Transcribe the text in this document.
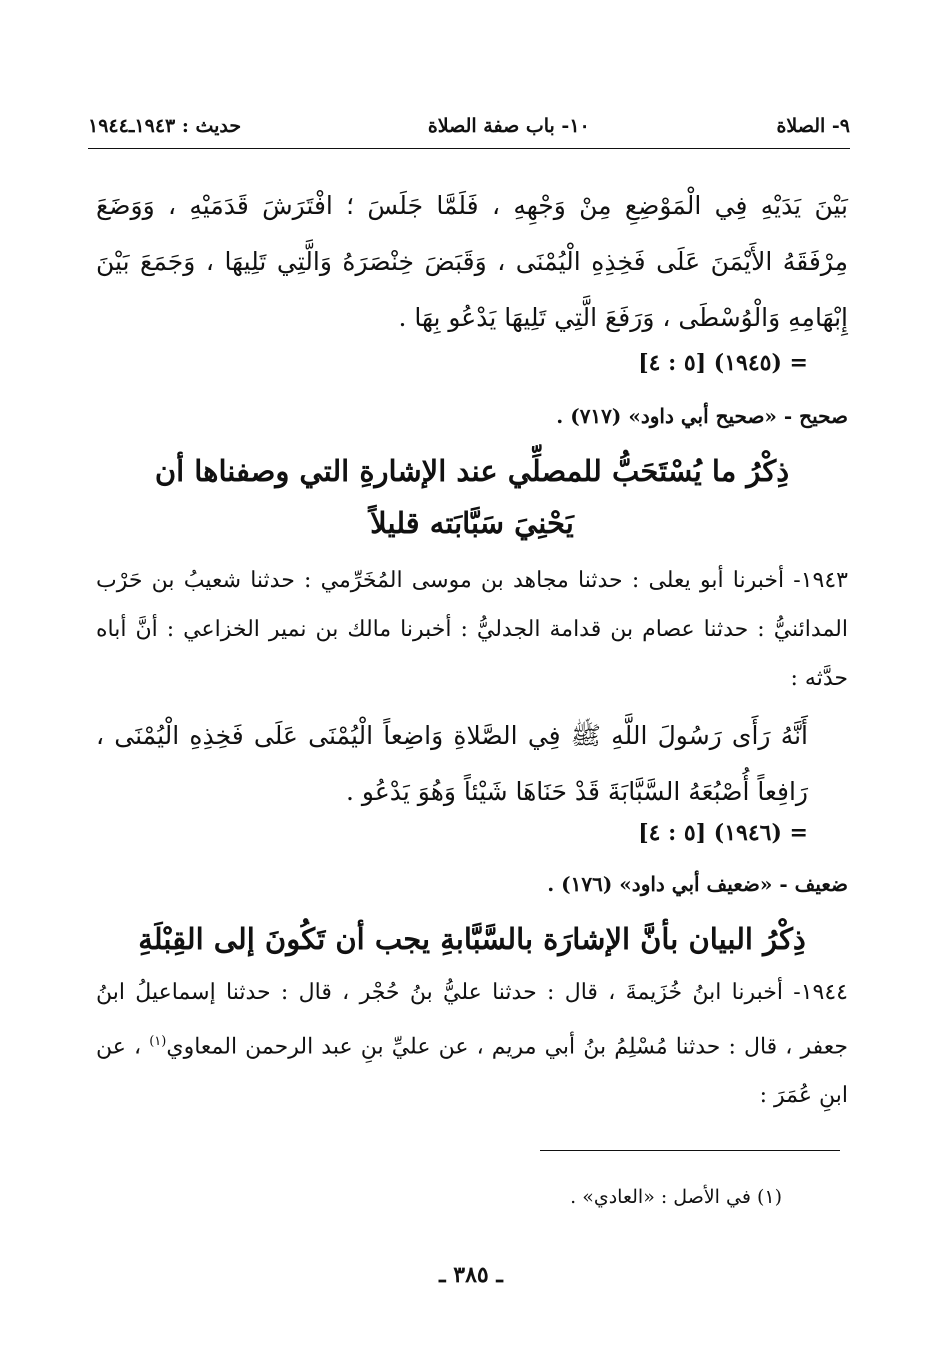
٩- الصلاة
١٠- باب صفة الصلاة
حديث : ١٩٤٣ـ١٩٤٤
بَيْنَ يَدَيْهِ فِي الْمَوْضِعِ مِنْ وَجْهِهِ ، فَلَمَّا جَلَسَ ؛ افْتَرَشَ قَدَمَيْهِ ، وَوَضَعَ مِرْفَقَهُ الأَيْمَنَ عَلَى فَخِذِهِ الْيُمْنَى ، وَقَبَضَ خِنْصَرَهُ وَالَّتِي تَلِيهَا ، وَجَمَعَ بَيْنَ إِبْهَامِهِ وَالْوُسْطَى ، وَرَفَعَ الَّتِي تَلِيهَا يَدْعُو بِهَا .
= (١٩٤٥) [٥ : ٤]
صحيح - «صحيح أبي داود» (٧١٧) .
ذِكْرُ ما يُسْتَحَبُّ للمصلِّي عند الإشارةِ التي وصفناها أن
يَحْنِيَ سَبَّابَته قليلاً
١٩٤٣- أخبرنا أبو يعلى : حدثنا مجاهد بن موسى المُخَرِّمي : حدثنا شعيبُ بن حَرْب المدائنيُّ : حدثنا عصام بن قدامة الجدليُّ : أخبرنا مالك بن نمير الخزاعي : أنَّ أباه حدَّثه :
أَنَّهُ رَأَى رَسُولَ اللَّهِ ﷺ فِي الصَّلاةِ وَاضِعاً الْيُمْنَى عَلَى فَخِذِهِ الْيُمْنَى ، رَافِعاً أُصْبُعَهُ السَّبَّابَةَ قَدْ حَنَاهَا شَيْئاً وَهُوَ يَدْعُو .
= (١٩٤٦) [٥ : ٤]
ضعيف - «ضعيف أبي داود» (١٧٦) .
ذِكْرُ البيان بأنَّ الإشارَة بالسَّبَّابةِ يجب أن تَكُونَ إلى القِبْلَةِ
١٩٤٤- أخبرنا ابنُ خُزَيمةَ ، قال : حدثنا عليُّ بنُ حُجْر ، قال : حدثنا إسماعيلُ ابنُ جعفر ، قال : حدثنا مُسْلِمُ بنُ أبي مريم ، عن عليِّ بنِ عبد الرحمن المعاوي$^{(١)}$ ، عن ابنِ عُمَرَ :
(١) في الأصل : «العادي» .
ـ ٣٨٥ ـ
